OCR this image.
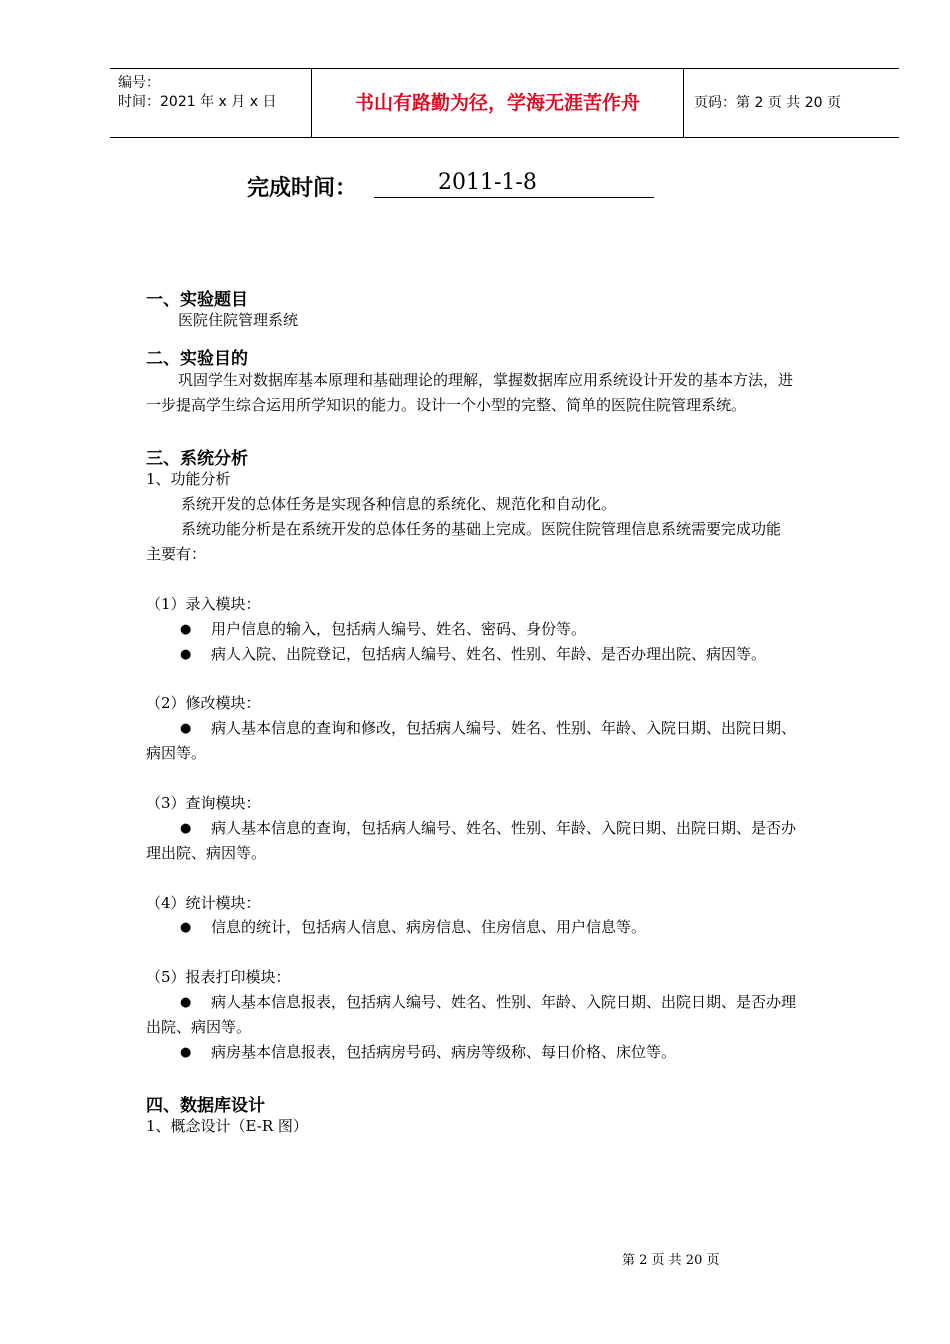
编号：
时间：2021 年 x 月 x 日	书山有路勤为径，学海无涯苦作舟	页码：第 2 页 共 20 页
完成时间：	2011-1-8
一、实验题目
医院住院管理系统
二、实验目的
巩固学生对数据库基本原理和基础理论的理解，掌握数据库应用系统设计开发的基本方法，进
一步提高学生综合运用所学知识的能力。设计一个小型的完整、简单的医院住院管理系统。
三、系统分析
1、功能分析
系统开发的总体任务是实现各种信息的系统化、规范化和自动化。
系统功能分析是在系统开发的总体任务的基础上完成。医院住院管理信息系统需要完成功能
主要有：
（1）录入模块：
● 用户信息的输入，包括病人编号、姓名、密码、身份等。
● 病人入院、出院登记，包括病人编号、姓名、性别、年龄、是否办理出院、病因等。
（2）修改模块：
● 病人基本信息的查询和修改，包括病人编号、姓名、性别、年龄、入院日期、出院日期、
病因等。
（3）查询模块：
● 病人基本信息的查询，包括病人编号、姓名、性别、年龄、入院日期、出院日期、是否办
理出院、病因等。
（4）统计模块：
● 信息的统计，包括病人信息、病房信息、住房信息、用户信息等。
（5）报表打印模块：
● 病人基本信息报表，包括病人编号、姓名、性别、年龄、入院日期、出院日期、是否办理
出院、病因等。
● 病房基本信息报表，包括病房号码、病房等级称、每日价格、床位等。
四、数据库设计
1、概念设计（E-R 图）
第 2 页 共 20 页
